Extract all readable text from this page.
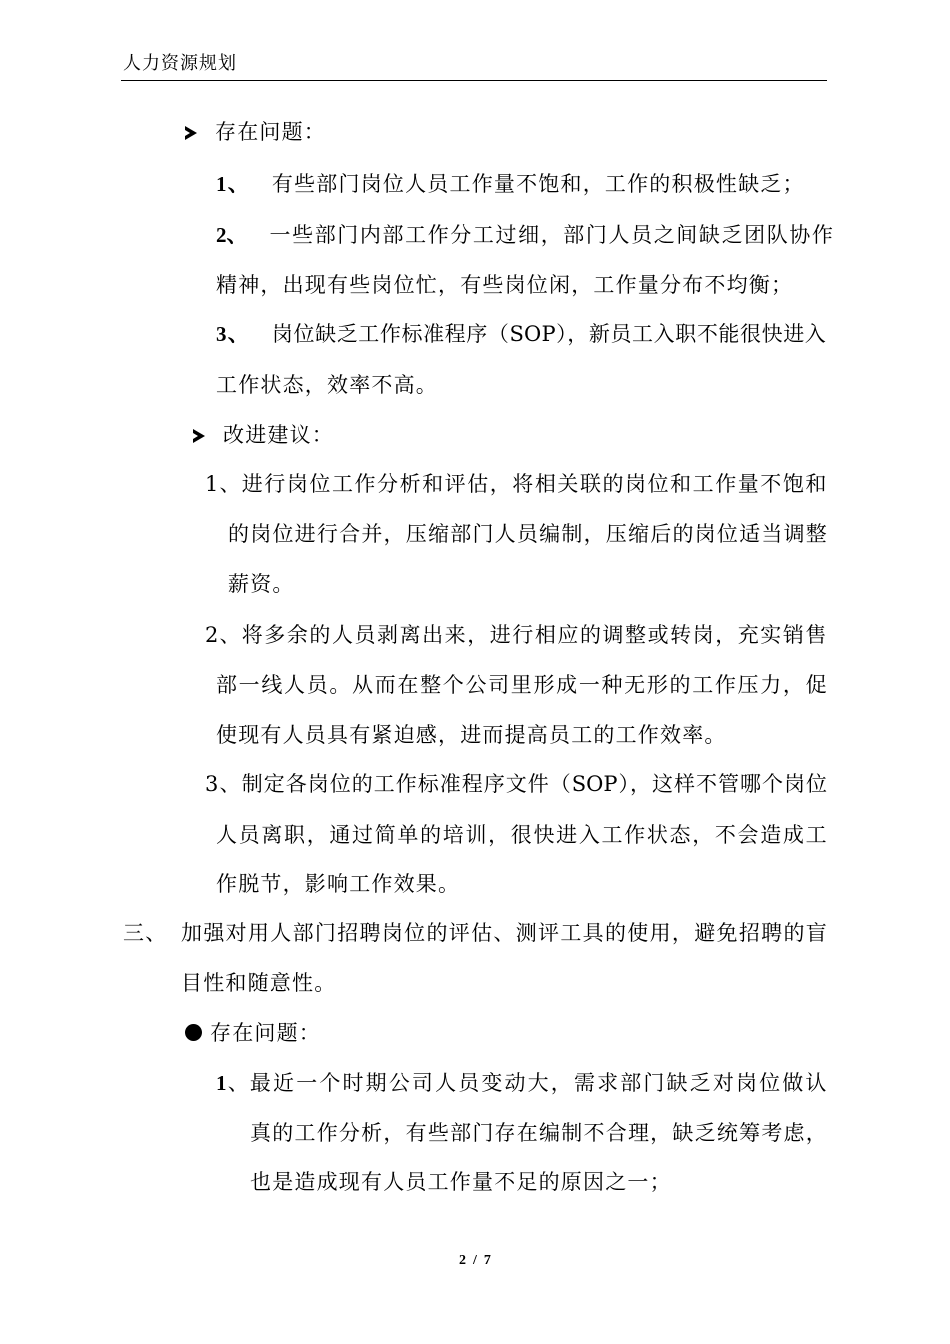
人力资源规划
存在问题：
1、 有些部门岗位人员工作量不饱和，工作的积极性缺乏；
2、 一些部门内部工作分工过细，部门人员之间缺乏团队协作
精神，出现有些岗位忙，有些岗位闲，工作量分布不均衡；
3、 岗位缺乏工作标准程序（SOP），新员工入职不能很快进入
工作状态，效率不高。
改进建议：
1、 进行岗位工作分析和评估，将相关联的岗位和工作量不饱和
的岗位进行合并，压缩部门人员编制，压缩后的岗位适当调整
薪资。
2、 将多余的人员剥离出来，进行相应的调整或转岗，充实销售
部一线人员。从而在整个公司里形成一种无形的工作压力，促
使现有人员具有紧迫感，进而提高员工的工作效率。
3、 制定各岗位的工作标准程序文件（SOP），这样不管哪个岗位
人员离职，通过简单的培训，很快进入工作状态，不会造成工
作脱节，影响工作效果。
三、 加强对用人部门招聘岗位的评估、测评工具的使用，避免招聘的盲
目性和随意性。
存在问题：
1 、 最近一个时期公司人员变动大，需求部门缺乏对岗位做认
真的工作分析，有些部门存在编制不合理，缺乏统筹考虑，
也是造成现有人员工作量不足的原因之一；
2  /  7
